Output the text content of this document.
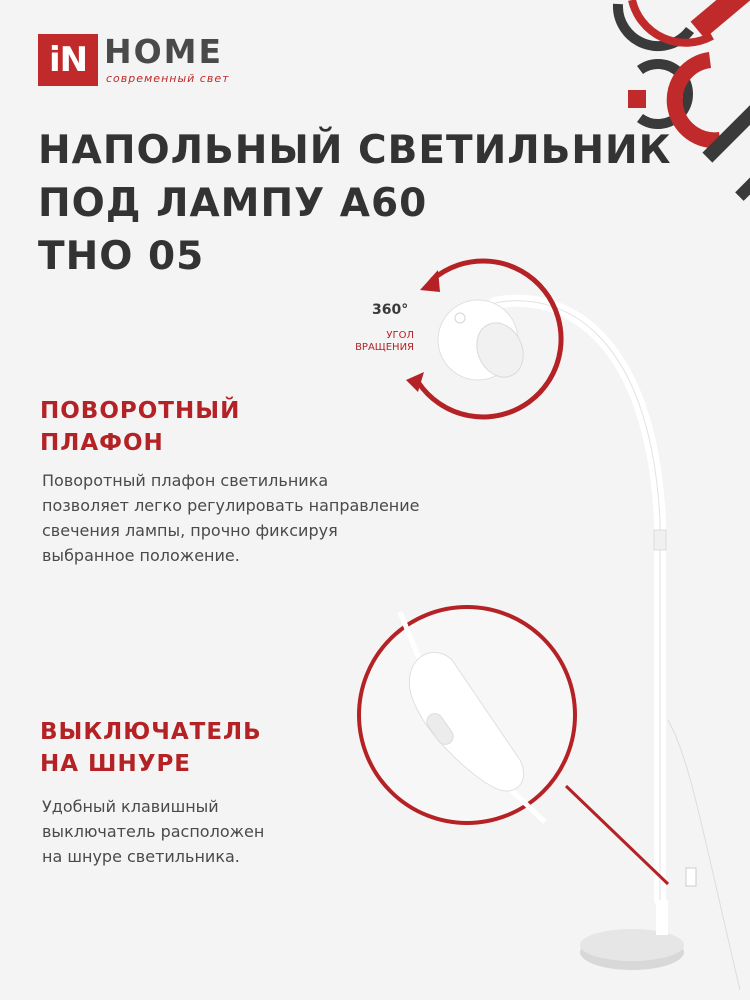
iN HOME
современный свет
НАПОЛЬНЫЙ СВЕТИЛЬНИК
ПОД ЛАМПУ А60
THO 05
360°
УГОЛ
ВРАЩЕНИЯ
ПОВОРОТНЫЙ
ПЛАФОН
Поворотный плафон светильника
позволяет легко регулировать направление
свечения лампы, прочно фиксируя
выбранное положение.
ВЫКЛЮЧАТЕЛЬ
НА ШНУРЕ
Удобный клавишный
выключатель расположен
на шнуре светильника.
